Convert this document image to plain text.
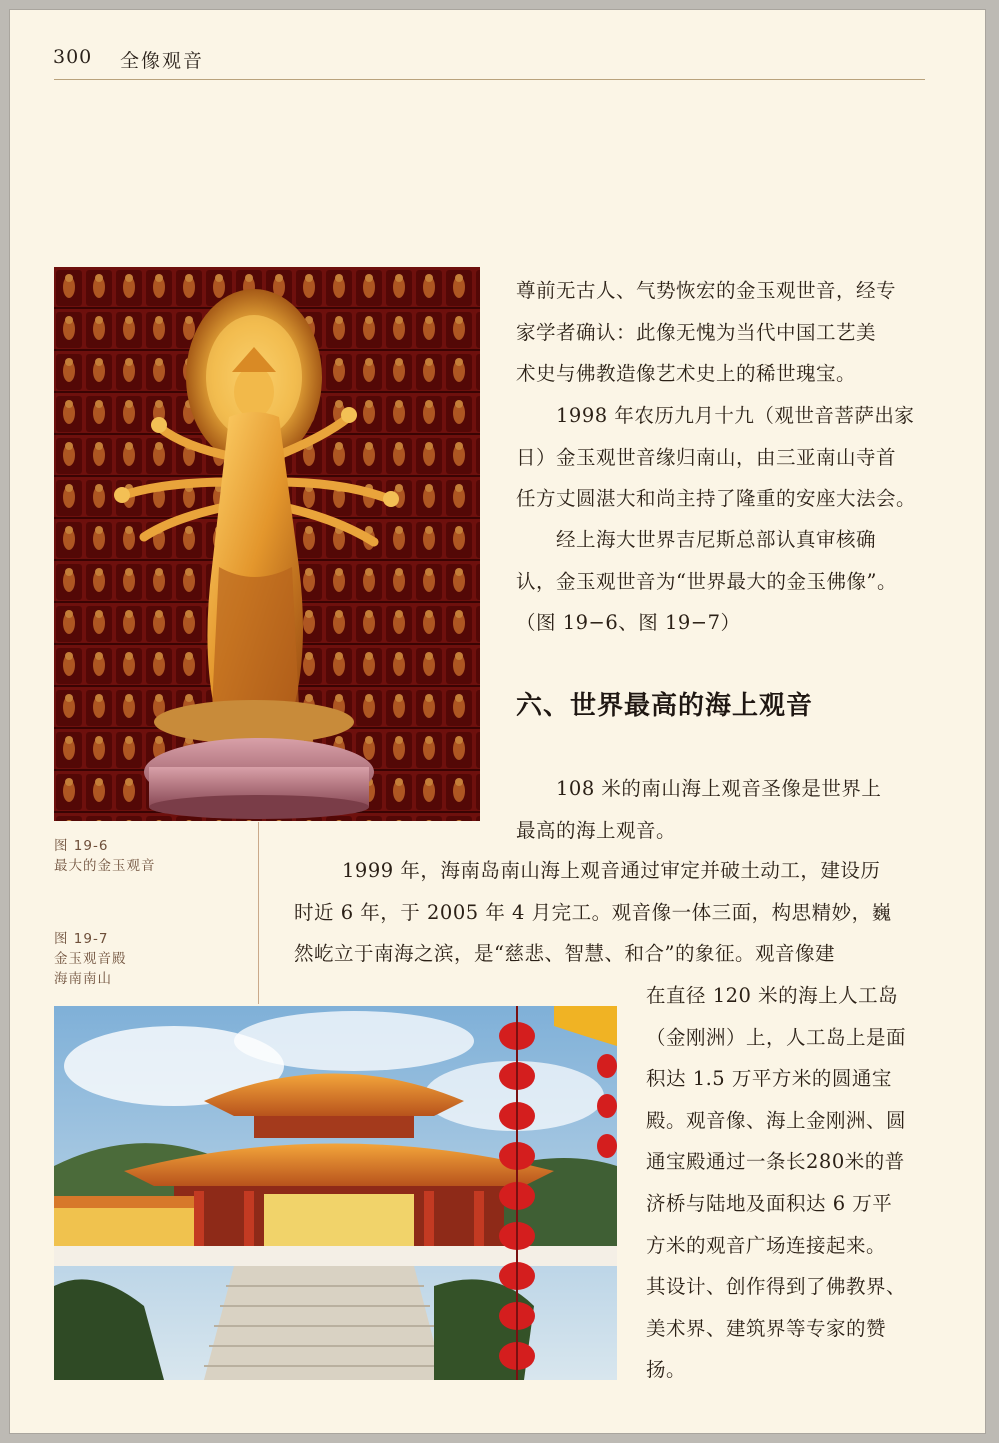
300 全像观音
图 19-6
最大的金玉观音
图 19-7
金玉观音殿
海南南山
尊前无古人、气势恢宏的金玉观世音，经专
家学者确认：此像无愧为当代中国工艺美
术史与佛教造像艺术史上的稀世瑰宝。
1998 年农历九月十九（观世音菩萨出家
日）金玉观世音缘归南山，由三亚南山寺首
任方丈圆湛大和尚主持了隆重的安座大法会。
经上海大世界吉尼斯总部认真审核确
认，金玉观世音为“世界最大的金玉佛像”。
（图 19−6、图 19−7）
六、世界最高的海上观音
108 米的南山海上观音圣像是世界上
最高的海上观音。
1999 年，海南岛南山海上观音通过审定并破土动工，建设历
时近 6 年，于 2005 年 4 月完工。观音像一体三面，构思精妙，巍
然屹立于南海之滨，是“慈悲、智慧、和合”的象征。观音像建
在直径 120 米的海上人工岛
（金刚洲）上，人工岛上是面
积达 1.5 万平方米的圆通宝
殿。观音像、海上金刚洲、圆
通宝殿通过一条长280米的普
济桥与陆地及面积达 6 万平
方米的观音广场连接起来。
其设计、创作得到了佛教界、
美术界、建筑界等专家的赞
扬。
